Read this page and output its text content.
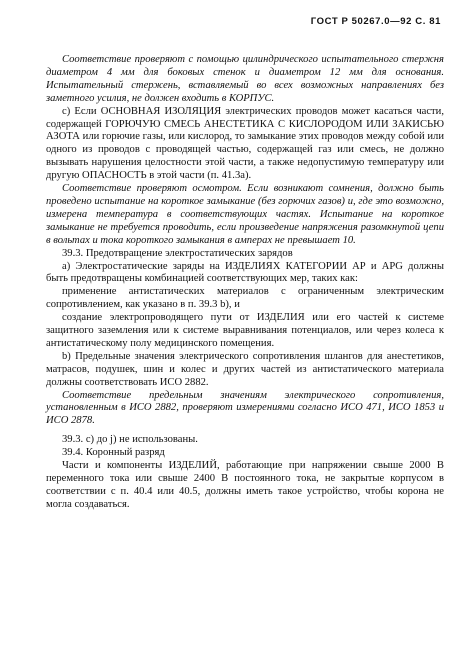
ГОСТ Р 50267.0—92 С. 81

Соответствие проверяют с помощью цилиндрического испытательного стержня диаметром 4 мм для боковых стенок и диаметром 12 мм для основания. Испытательный стержень, вставляемый во всех возможных направлениях без заметного усилия, не должен входить в КОРПУС.

с) Если ОСНОВНАЯ ИЗОЛЯЦИЯ электрических проводов может касаться части, содержащей ГОРЮЧУЮ СМЕСЬ АНЕСТЕТИКА С КИСЛОРОДОМ ИЛИ ЗАКИСЬЮ АЗОТА или горючие газы, или кислород, то замыкание этих проводов между собой или одного из проводов с проводящей частью, содержащей газ или смесь, не должно вызывать нарушения целостности этой части, а также недопустимую температуру или другую ОПАСНОСТЬ в этой части (п. 41.3а).

Соответствие проверяют осмотром. Если возникают сомнения, должно быть проведено испытание на короткое замыкание (без горючих газов) и, где это возможно, измерена температура в соответствующих частях. Испытание на короткое замыкание не требуется проводить, если произведение напряжения разомкнутой цепи в вольтах и тока короткого замыкания в амперах не превышает 10.

39.3. Предотвращение электростатических зарядов

а) Электростатические заряды на ИЗДЕЛИЯХ КАТЕГОРИИ АР и APG должны быть предотвращены комбинацией соответствующих мер, таких как:

применение антистатических материалов с ограниченным электрическим сопротивлением, как указано в п. 39.3 b), и

создание электропроводящего пути от ИЗДЕЛИЯ или его частей к системе защитного заземления или к системе выравнивания потенциалов, или через колеса к антистатическому полу медицинского помещения.

b) Предельные значения электрического сопротивления шлангов для анестетиков, матрасов, подушек, шин и колес и других частей из антистатического материала должны соответствовать ИСО 2882.

Соответствие предельным значениям электрического сопротивления, установленным в ИСО 2882, проверяют измерениями согласно ИСО 471, ИСО 1853 и ИСО 2878.

39.3. c) до j) не использованы.

39.4. Коронный разряд

Части и компоненты ИЗДЕЛИЙ, работающие при напряжении свыше 2000 В переменного тока или свыше 2400 В постоянного тока, не закрытые корпусом в соответствии с п. 40.4 или 40.5, должны иметь такое устройство, чтобы корона не могла создаваться.
